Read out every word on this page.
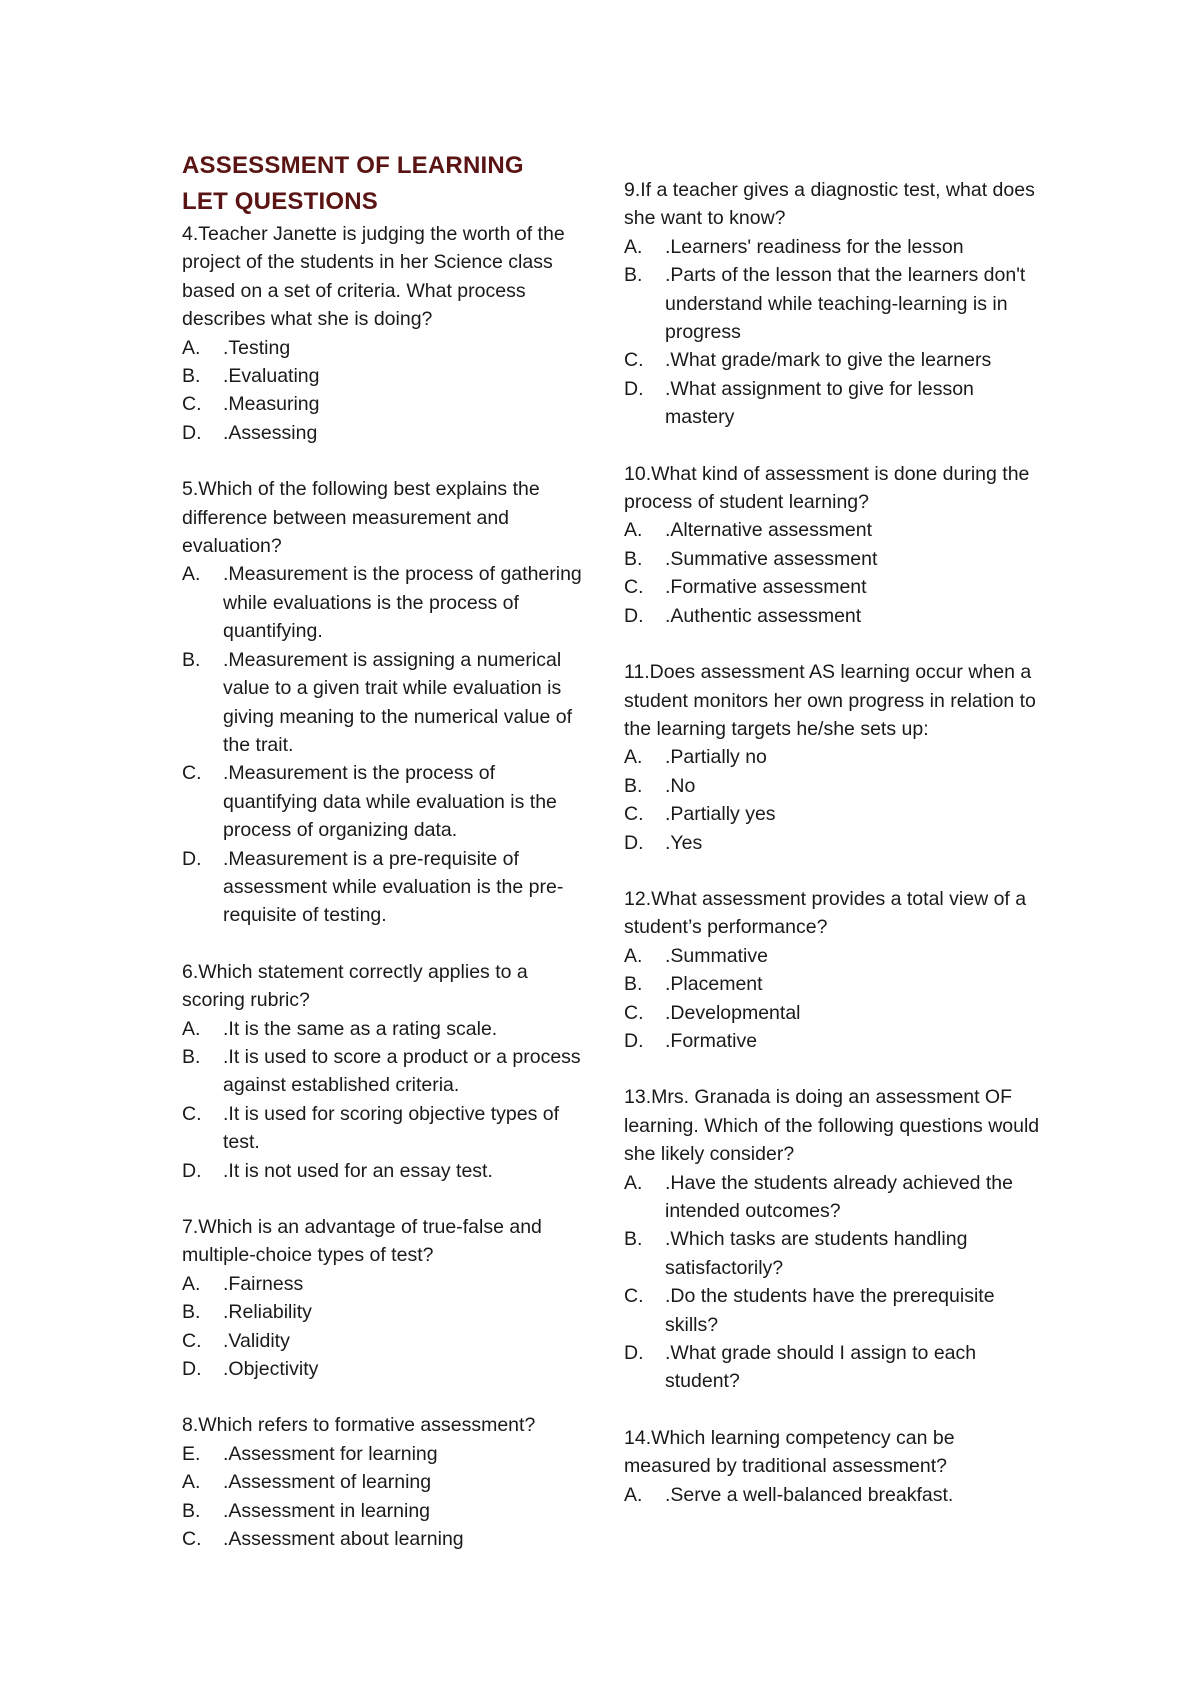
ASSESSMENT OF LEARNING
LET QUESTIONS

4.Teacher Janette is judging the worth of the project of the students in her Science class based on a set of criteria. What process describes what she is doing?

A.	.Testing
B.	.Evaluating
C.	.Measuring
D.	.Assessing

5.Which of the following best explains the difference between measurement and evaluation?

A.	.Measurement is the process of gathering while evaluations is the process of quantifying.
B.	.Measurement is assigning a numerical value to a given trait while evaluation is giving meaning to the numerical value of the trait.
C.	.Measurement is the process of quantifying data while evaluation is the process of organizing data.
D.	.Measurement is a pre-requisite of assessment while evaluation is the pre-requisite of testing.

6.Which statement correctly applies to a scoring rubric?

A.	.It is the same as a rating scale.
B.	.It is used to score a product or a process against established criteria.
C.	.It is used for scoring objective types of test.
D.	.It is not used for an essay test.

7.Which is an advantage of true-false and multiple-choice types of test?

A.	.Fairness
B.	.Reliability
C.	.Validity
D.	.Objectivity

8.Which refers to formative assessment?

E.	.Assessment for learning
A.	.Assessment of learning
B.	.Assessment in learning
C.	.Assessment about learning

9.If a teacher gives a diagnostic test, what does she want to know?

A.	.Learners' readiness for the lesson
B.	.Parts of the lesson that the learners don't understand while teaching-learning is in progress
C.	.What grade/mark to give the learners
D.	.What assignment to give for lesson mastery

10.What kind of assessment is done during the process of student learning?

A.	.Alternative assessment
B.	.Summative assessment
C.	.Formative assessment
D.	.Authentic assessment

11.Does assessment AS learning occur when a student monitors her own progress in relation to the learning targets he/she sets up:

A.	.Partially no
B.	.No
C.	.Partially yes
D.	.Yes

12.What assessment provides a total view of a student’s performance?

A.	.Summative
B.	.Placement
C.	.Developmental
D.	.Formative

13.Mrs. Granada is doing an assessment OF learning. Which of the following questions would she likely consider?

A.	.Have the students already achieved the intended outcomes?
B.	.Which tasks are students handling satisfactorily?
C.	.Do the students have the prerequisite skills?
D.	.What grade should I assign to each student?

14.Which learning competency can be measured by traditional assessment?

A.	.Serve a well-balanced breakfast.
